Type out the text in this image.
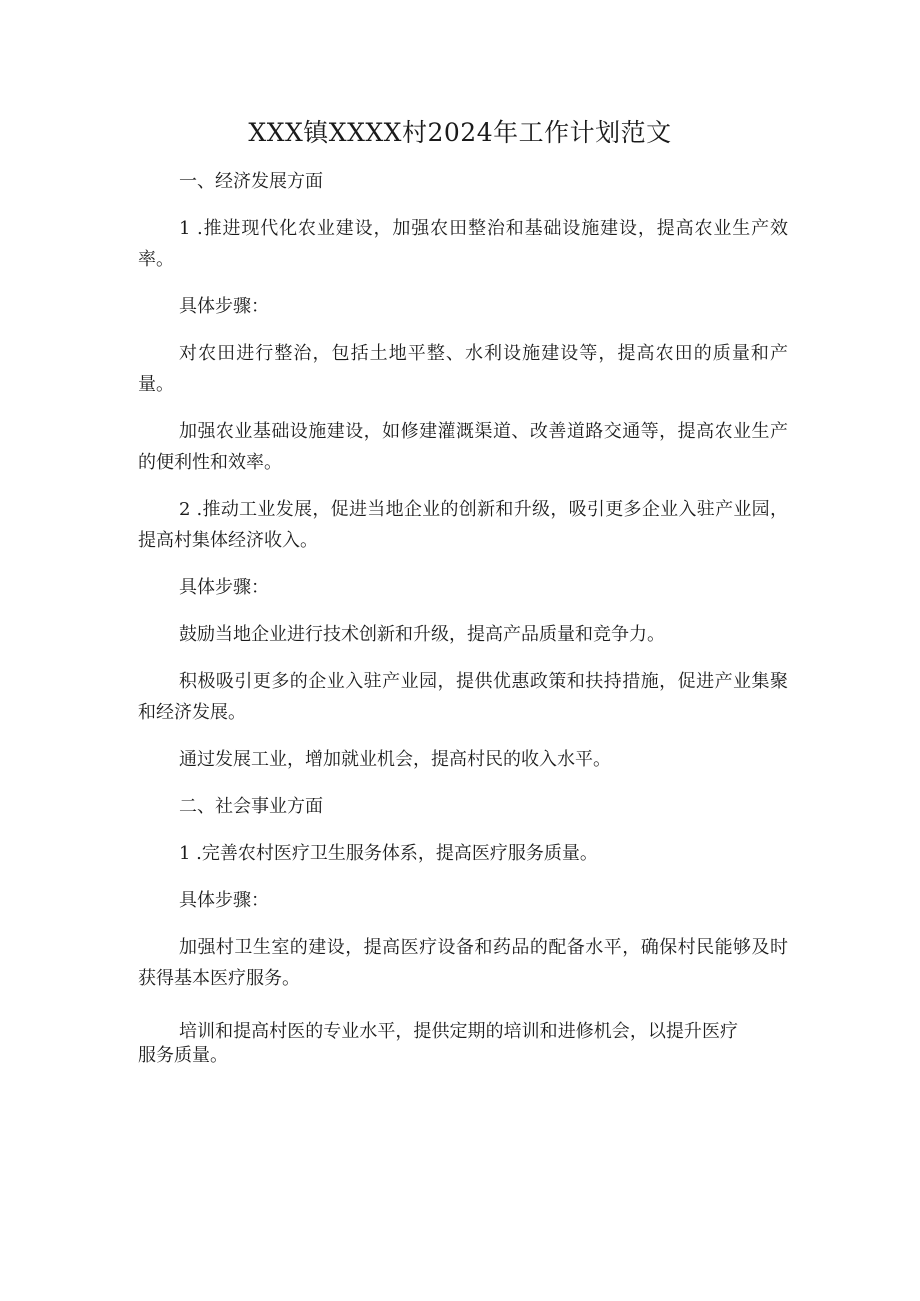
XXX镇XXXX村2024年工作计划范文

一、经济发展方面

1 .推进现代化农业建设，加强农田整治和基础设施建设，提高农业生产效率。

具体步骤：

对农田进行整治，包括土地平整、水利设施建设等，提高农田的质量和产量。

加强农业基础设施建设，如修建灌溉渠道、改善道路交通等，提高农业生产的便利性和效率。

2 .推动工业发展，促进当地企业的创新和升级，吸引更多企业入驻产业园，提高村集体经济收入。

具体步骤：

鼓励当地企业进行技术创新和升级，提高产品质量和竞争力。

积极吸引更多的企业入驻产业园，提供优惠政策和扶持措施，促进产业集聚和经济发展。

通过发展工业，增加就业机会，提高村民的收入水平。

二、社会事业方面

1 .完善农村医疗卫生服务体系，提高医疗服务质量。

具体步骤：

加强村卫生室的建设，提高医疗设备和药品的配备水平，确保村民能够及时获得基本医疗服务。

培训和提高村医的专业水平，提供定期的培训和进修机会，以提升医疗服务质量。
